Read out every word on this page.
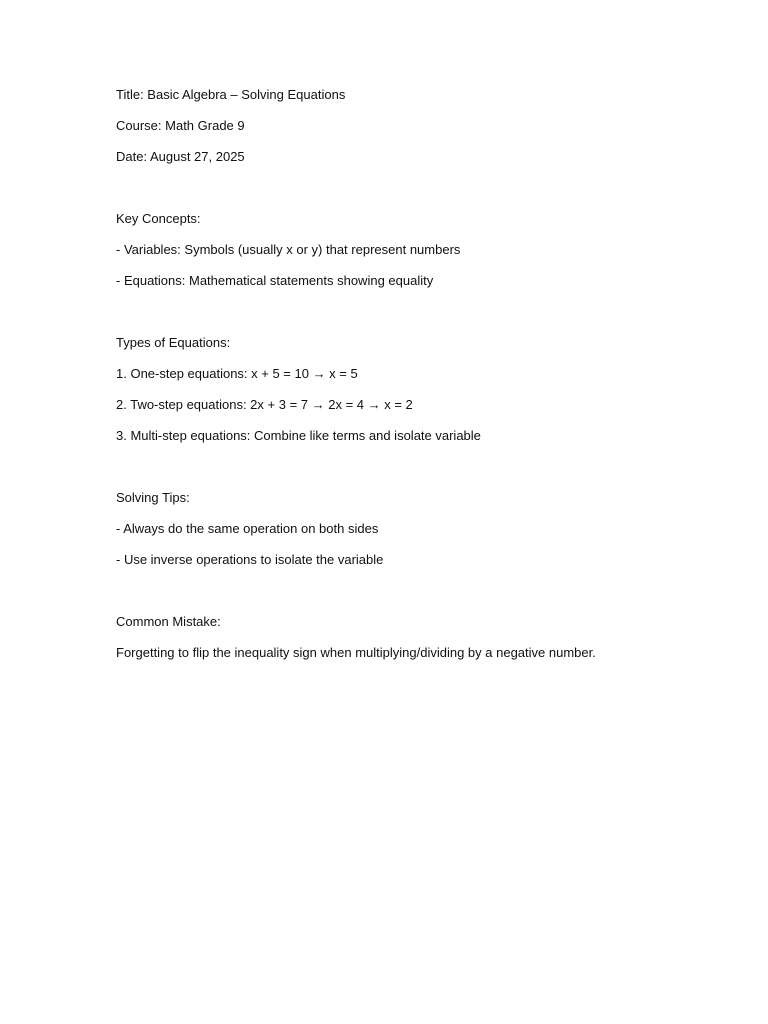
Title: Basic Algebra – Solving Equations
Course: Math Grade 9
Date: August 27, 2025
Key Concepts:
- Variables: Symbols (usually x or y) that represent numbers
- Equations: Mathematical statements showing equality
Types of Equations:
1. One-step equations: x + 5 = 10 → x = 5
2. Two-step equations: 2x + 3 = 7 → 2x = 4 → x = 2
3. Multi-step equations: Combine like terms and isolate variable
Solving Tips:
- Always do the same operation on both sides
- Use inverse operations to isolate the variable
Common Mistake:
Forgetting to flip the inequality sign when multiplying/dividing by a negative number.
